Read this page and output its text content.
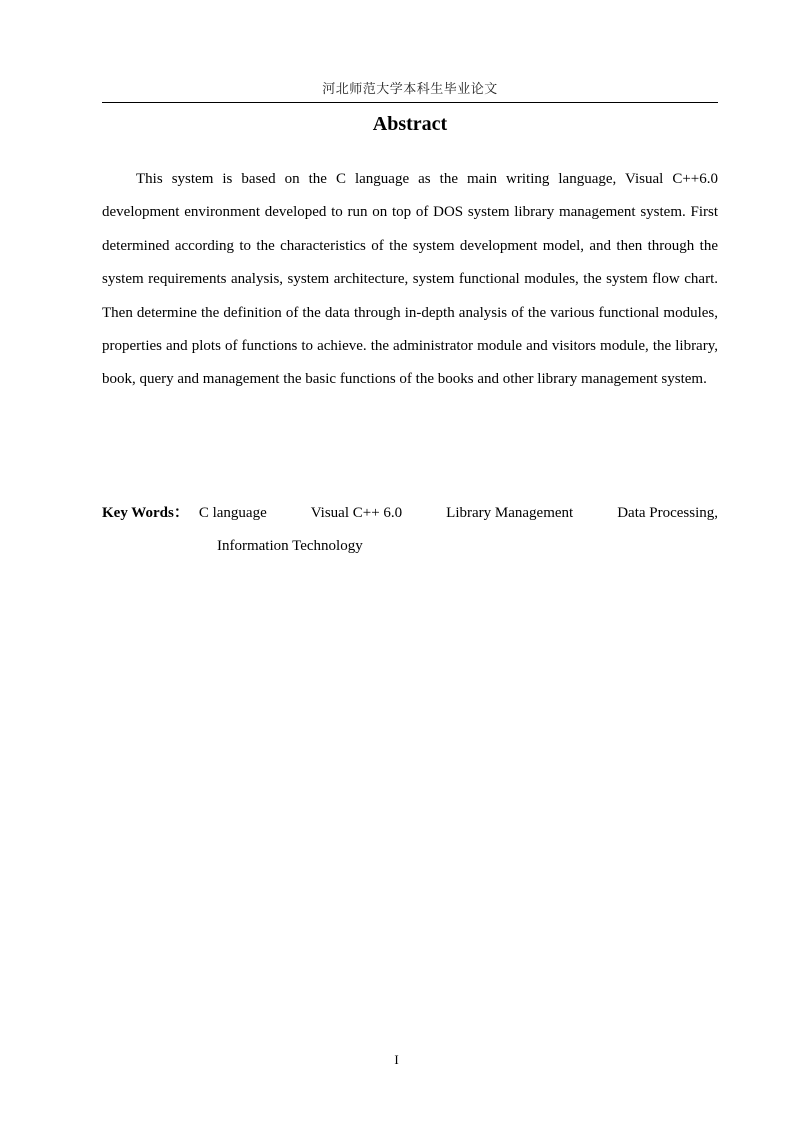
河北师范大学本科生毕业论文
Abstract

This system is based on the C language as the main writing language, Visual C++6.0 development environment developed to run on top of DOS system library management system. First determined according to the characteristics of the system development model, and then through the system requirements analysis, system architecture, system functional modules, the system flow chart. Then determine the definition of the data through in-depth analysis of the various functional modules, properties and plots of functions to achieve. the administrator module and visitors module, the library, book, query and management the basic functions of the books and other library management system.

Key Words： C language	Visual C++ 6.0	Library Management	Data Processing,
Information Technology
I
